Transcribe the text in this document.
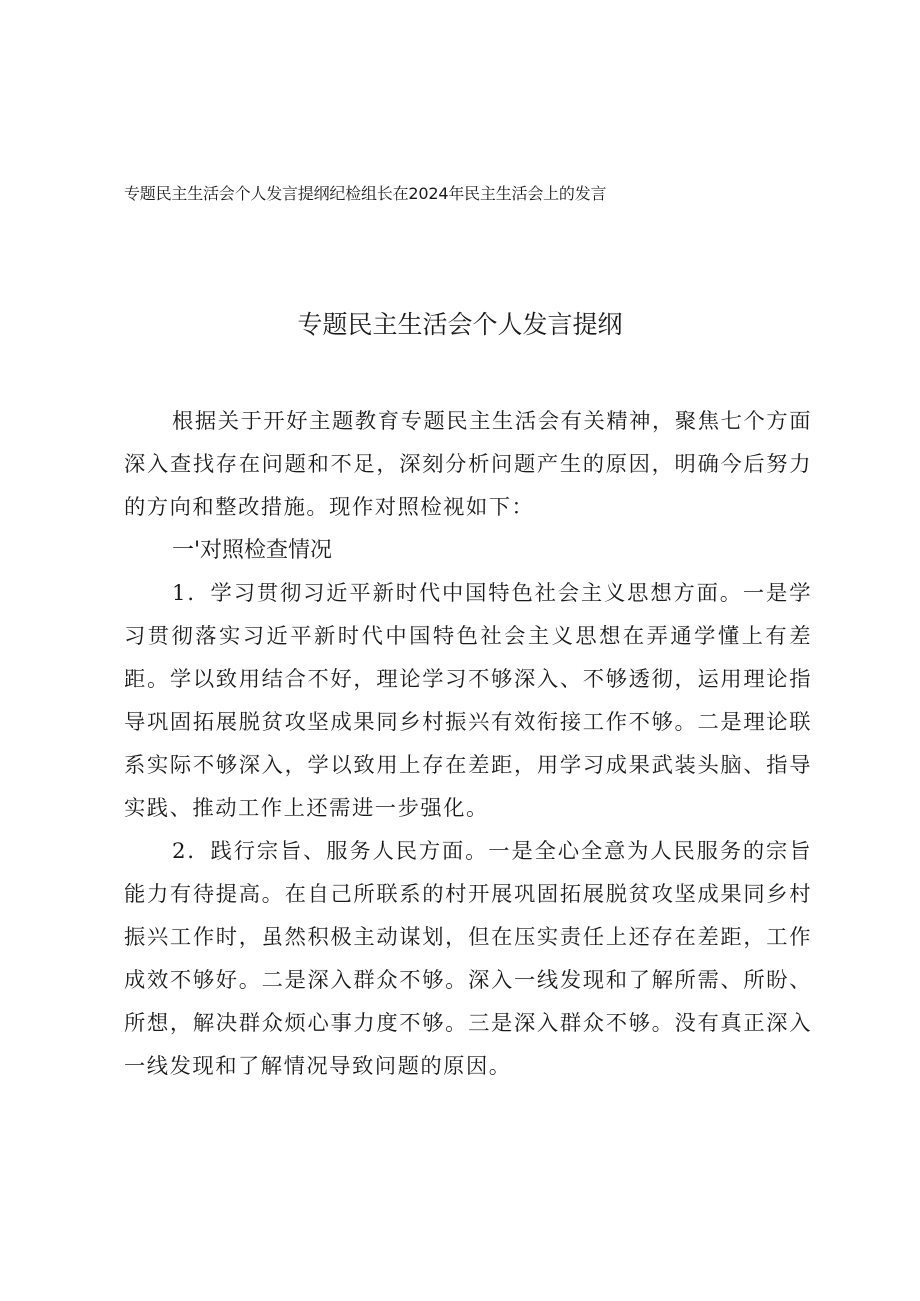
专题民主生活会个人发言提纲纪检组长在2024年民主生活会上的发言
专题民主生活会个人发言提纲

根据关于开好主题教育专题民主生活会有关精神，聚焦七个方面深入查找存在问题和不足，深刻分析问题产生的原因，明确今后努力的方向和整改措施。现作对照检视如下：

一'对照检查情况

1．学习贯彻习近平新时代中国特色社会主义思想方面。一是学习贯彻落实习近平新时代中国特色社会主义思想在弄通学懂上有差距。学以致用结合不好，理论学习不够深入、不够透彻，运用理论指导巩固拓展脱贫攻坚成果同乡村振兴有效衔接工作不够。二是理论联系实际不够深入，学以致用上存在差距，用学习成果武装头脑、指导实践、推动工作上还需进一步强化。

2．践行宗旨、服务人民方面。一是全心全意为人民服务的宗旨能力有待提高。在自己所联系的村开展巩固拓展脱贫攻坚成果同乡村振兴工作时，虽然积极主动谋划，但在压实责任上还存在差距，工作成效不够好。二是深入群众不够。深入一线发现和了解所需、所盼、所想，解决群众烦心事力度不够。三是深入群众不够。没有真正深入一线发现和了解情况导致问题的原因。
